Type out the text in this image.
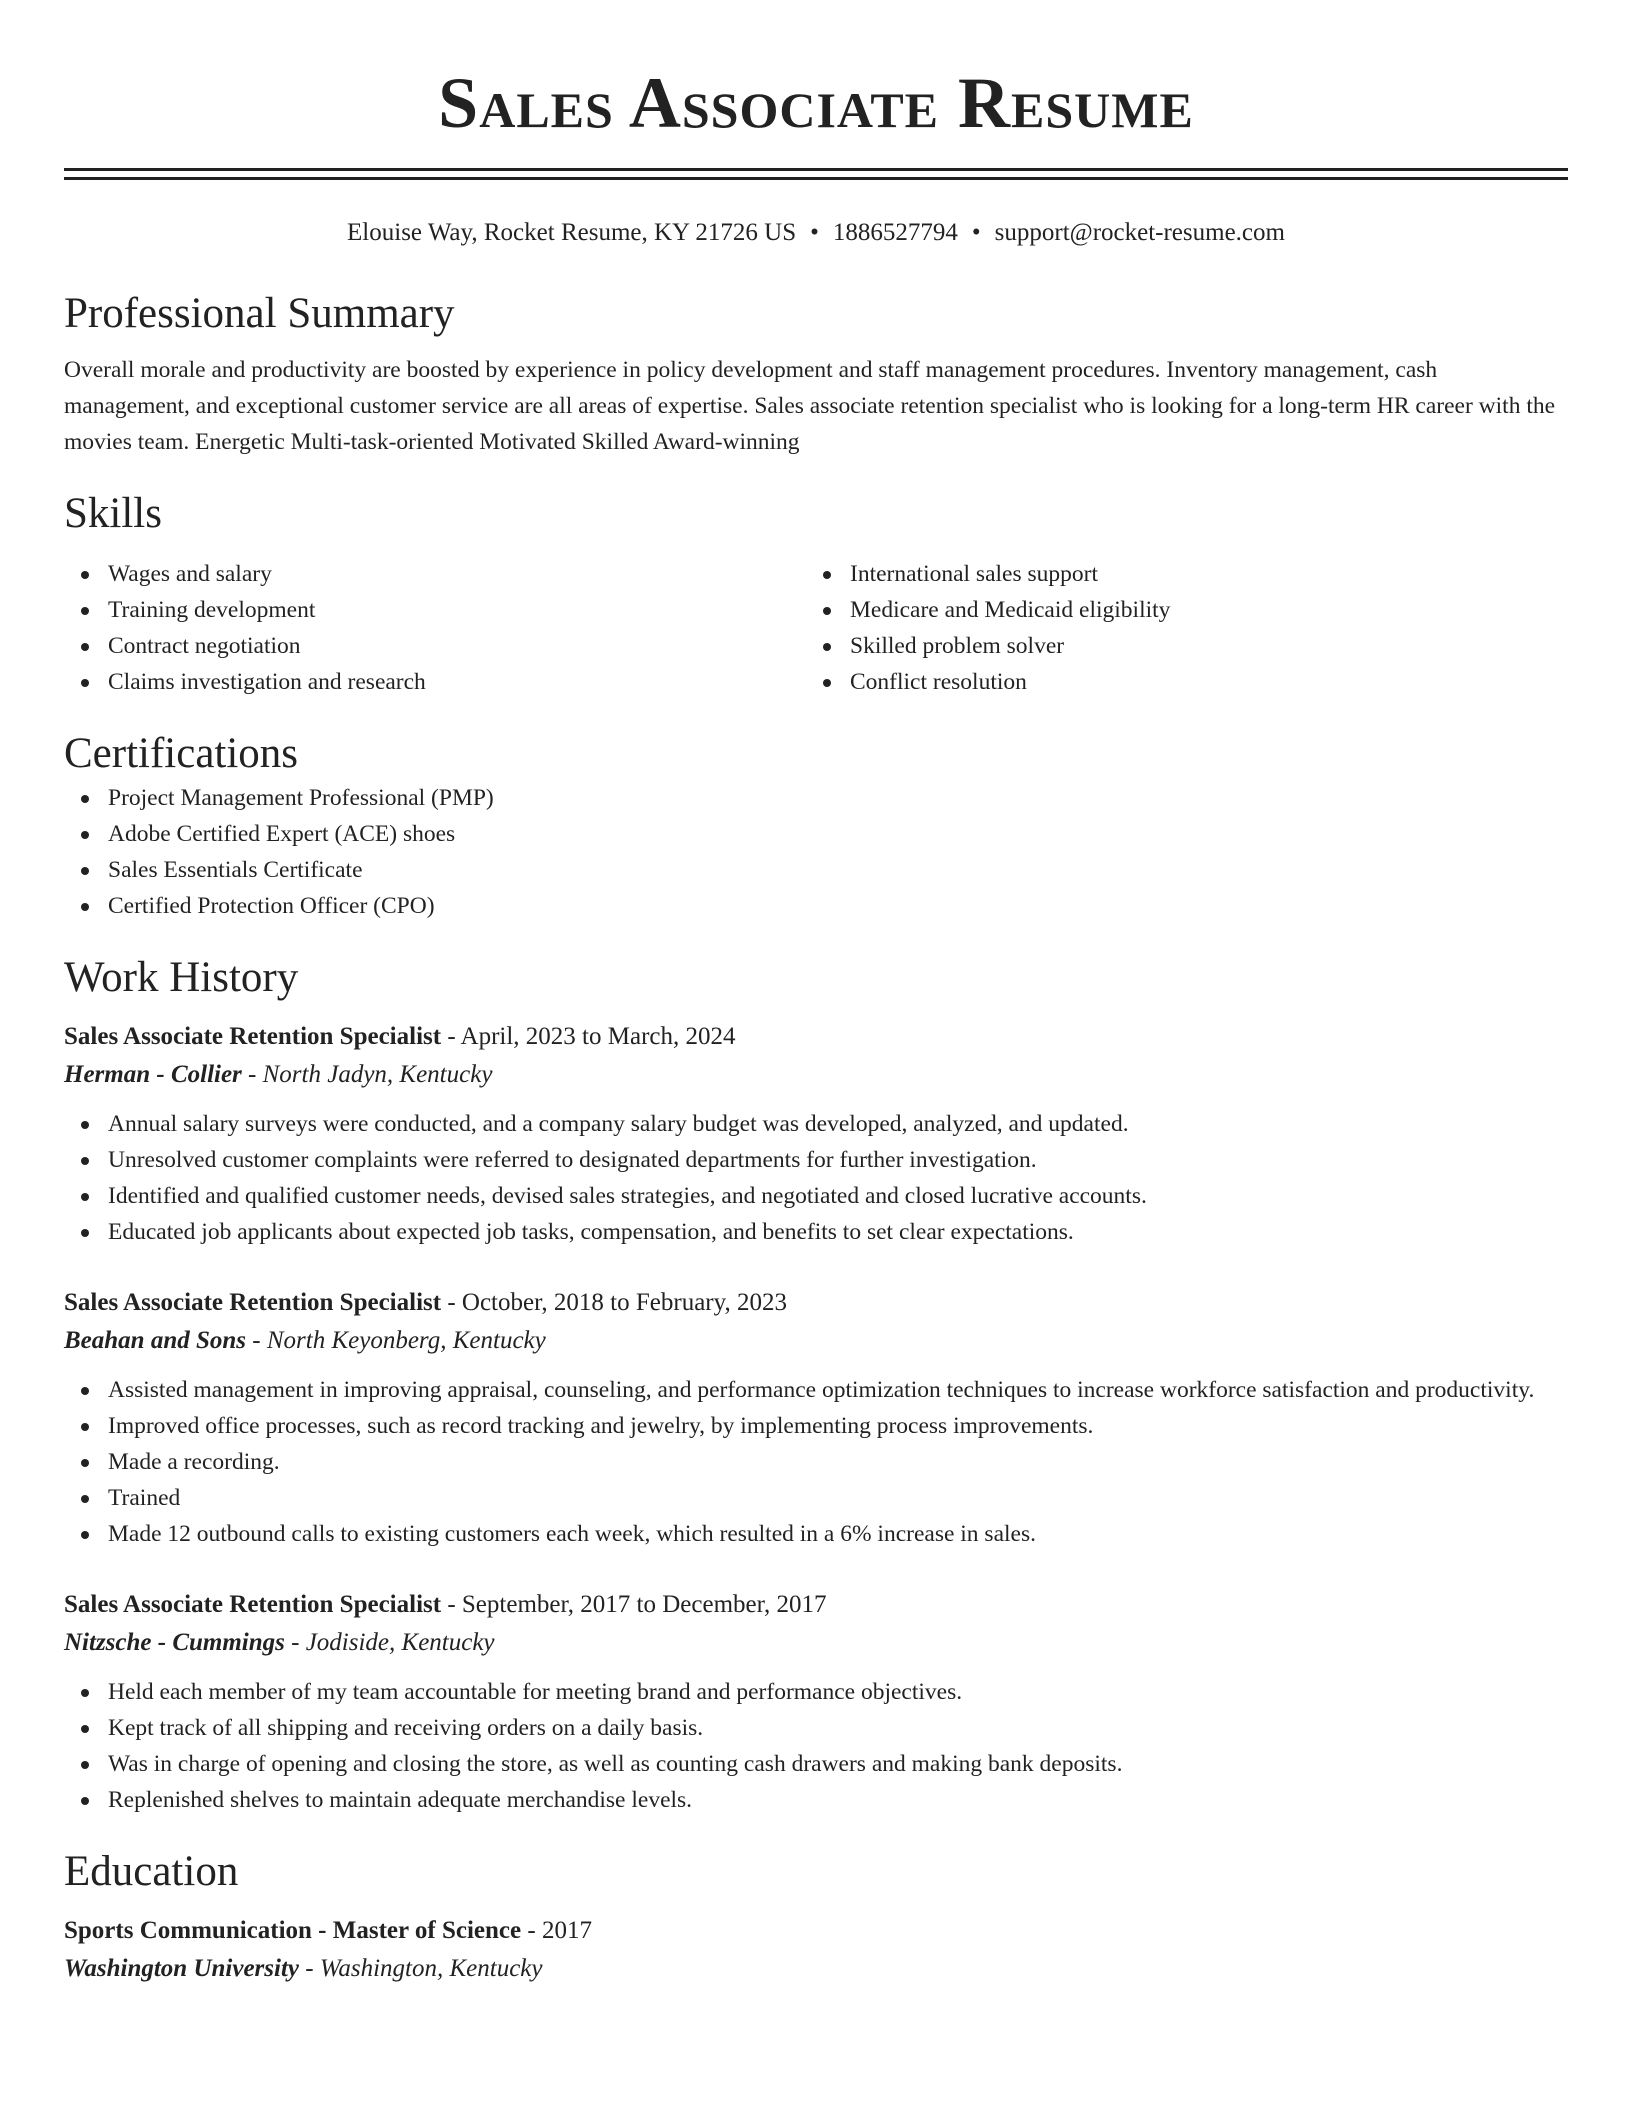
Sales Associate Resume
Elouise Way, Rocket Resume, KY 21726 US • 1886527794 • support@rocket-resume.com
Professional Summary
Overall morale and productivity are boosted by experience in policy development and staff management procedures. Inventory management, cash management, and exceptional customer service are all areas of expertise. Sales associate retention specialist who is looking for a long-term HR career with the movies team. Energetic Multi-task-oriented Motivated Skilled Award-winning
Skills
Wages and salary
Training development
Contract negotiation
Claims investigation and research
International sales support
Medicare and Medicaid eligibility
Skilled problem solver
Conflict resolution
Certifications
Project Management Professional (PMP)
Adobe Certified Expert (ACE) shoes
Sales Essentials Certificate
Certified Protection Officer (CPO)
Work History
Sales Associate Retention Specialist - April, 2023 to March, 2024
Herman - Collier - North Jadyn, Kentucky
Annual salary surveys were conducted, and a company salary budget was developed, analyzed, and updated.
Unresolved customer complaints were referred to designated departments for further investigation.
Identified and qualified customer needs, devised sales strategies, and negotiated and closed lucrative accounts.
Educated job applicants about expected job tasks, compensation, and benefits to set clear expectations.
Sales Associate Retention Specialist - October, 2018 to February, 2023
Beahan and Sons - North Keyonberg, Kentucky
Assisted management in improving appraisal, counseling, and performance optimization techniques to increase workforce satisfaction and productivity.
Improved office processes, such as record tracking and jewelry, by implementing process improvements.
Made a recording.
Trained
Made 12 outbound calls to existing customers each week, which resulted in a 6% increase in sales.
Sales Associate Retention Specialist - September, 2017 to December, 2017
Nitzsche - Cummings - Jodiside, Kentucky
Held each member of my team accountable for meeting brand and performance objectives.
Kept track of all shipping and receiving orders on a daily basis.
Was in charge of opening and closing the store, as well as counting cash drawers and making bank deposits.
Replenished shelves to maintain adequate merchandise levels.
Education
Sports Communication - Master of Science - 2017
Washington University - Washington, Kentucky
